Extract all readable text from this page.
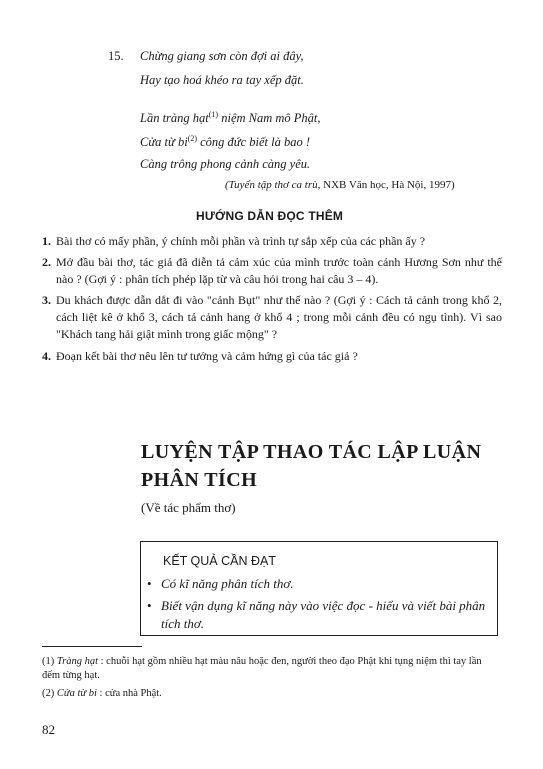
15. Chừng giang sơn còn đợi ai đây,
Hay tạo hoá khéo ra tay xếp đặt.
Lần tràng hạt$^{(1)}$ niệm Nam mô Phật,
Cửa từ $bi^{(2)}$ công đức biết là bao !
Càng trông phong cảnh càng yêu.
(Tuyển tập thơ ca trù, NXB Văn học, Hà Nội, 1997)
HƯỚNG DẪN ĐỌC THÊM
1. Bài thơ có mấy phần, ý chính mỗi phần và trình tự sắp xếp của các phần ấy ?
2. Mở đầu bài thơ, tác giả đã diễn tả cảm xúc của mình trước toàn cảnh Hương Sơn như thế nào ? (Gợi ý : phân tích phép lặp từ và câu hỏi trong hai câu 3 – 4).
3. Du khách được dẫn dắt đi vào "cảnh Bụt" như thế nào ? (Gợi ý : Cách tả cảnh trong khổ 2, cách liệt kê ở khổ 3, cách tả cảnh hang ở khổ 4 ; trong mỗi cảnh đều có ngụ tình). Vì sao "Khách tang hải giật mình trong giấc mộng" ?
4. Đoạn kết bài thơ nêu lên tư tưởng và cảm hứng gì của tác giả ?
LUYỆN TẬP THAO TÁC LẬP LUẬN
PHÂN TÍCH
(Về tác phẩm thơ)
KẾT QUẢ CẦN ĐẠT
• Có kĩ năng phân tích thơ.
• Biết vận dụng kĩ năng này vào việc đọc - hiểu và viết bài phân tích thơ.
(1) Tràng hạt : chuỗi hạt gồm nhiều hạt màu nâu hoặc đen, người theo đạo Phật khi tụng niệm thì tay lần đếm từng hạt.
(2) Cửa từ bi : cửa nhà Phật.
82
